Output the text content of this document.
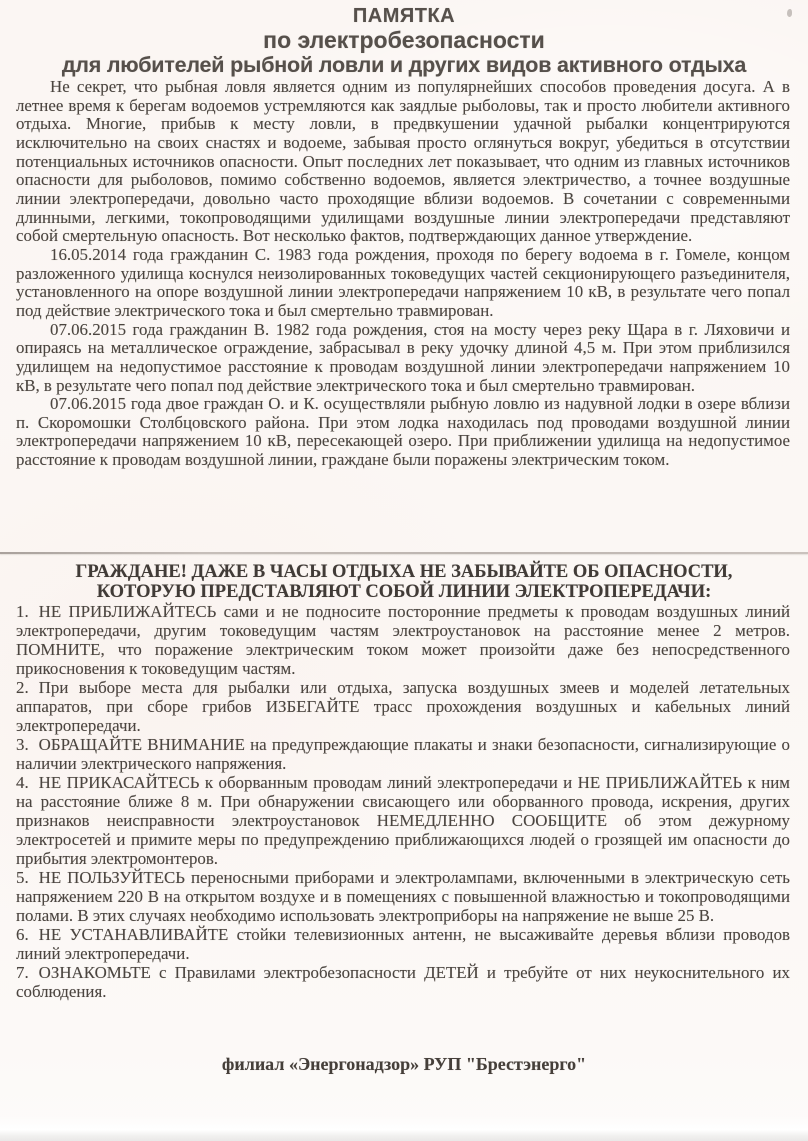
ПАМЯТКА
по электробезопасности
для любителей рыбной ловли и других видов активного отдыха

Не секрет, что рыбная ловля является одним из популярнейших способов проведения досуга. А в летнее время к берегам водоемов устремляются как заядлые рыболовы, так и просто любители активного отдыха. Многие, прибыв к месту ловли, в предвкушении удачной рыбалки концентрируются исключительно на своих снастях и водоеме, забывая просто оглянуться вокруг, убедиться в отсутствии потенциальных источников опасности. Опыт последних лет показывает, что одним из главных источников опасности для рыболовов, помимо собственно водоемов, является электричество, а точнее воздушные линии электропередачи, довольно часто проходящие вблизи водоемов. В сочетании с современными длинными, легкими, токопроводящими удилищами воздушные линии электропередачи представляют собой смертельную опасность. Вот несколько фактов, подтверждающих данное утверждение.

16.05.2014 года гражданин С. 1983 года рождения, проходя по берегу водоема в г. Гомеле, концом разложенного удилища коснулся неизолированных токоведущих частей секционирующего разъединителя, установленного на опоре воздушной линии электропередачи напряжением 10 кВ, в результате чего попал под действие электрического тока и был смертельно травмирован.

07.06.2015 года гражданин В. 1982 года рождения, стоя на мосту через реку Щара в г. Ляховичи и опираясь на металлическое ограждение, забрасывал в реку удочку длиной 4,5 м. При этом приблизился удилищем на недопустимое расстояние к проводам воздушной линии электропередачи напряжением 10 кВ, в результате чего попал под действие электрического тока и был смертельно травмирован.

07.06.2015 года двое граждан О. и К. осуществляли рыбную ловлю из надувной лодки в озере вблизи п. Скоромошки Столбцовского района. При этом лодка находилась под проводами воздушной линии электропередачи напряжением 10 кВ, пересекающей озеро. При приближении удилища на недопустимое расстояние к проводам воздушной линии, граждане были поражены электрическим током.

ГРАЖДАНЕ! ДАЖЕ В ЧАСЫ ОТДЫХА НЕ ЗАБЫВАЙТЕ ОБ ОПАСНОСТИ,
КОТОРУЮ ПРЕДСТАВЛЯЮТ СОБОЙ ЛИНИИ ЭЛЕКТРОПЕРЕДАЧИ:

1. НЕ ПРИБЛИЖАЙТЕСЬ сами и не подносите посторонние предметы к проводам воздушных линий электропередачи, другим токоведущим частям электроустановок на расстояние менее 2 метров. ПОМНИТЕ, что поражение электрическим током может произойти даже без непосредственного прикосновения к токоведущим частям.

2. При выборе места для рыбалки или отдыха, запуска воздушных змеев и моделей летательных аппаратов, при сборе грибов ИЗБЕГАЙТЕ трасс прохождения воздушных и кабельных линий электропередачи.

3. ОБРАЩАЙТЕ ВНИМАНИЕ на предупреждающие плакаты и знаки безопасности, сигнализирующие о наличии электрического напряжения.

4. НЕ ПРИКАСАЙТЕСЬ к оборванным проводам линий электропередачи и НЕ ПРИБЛИЖАЙТЕЬ к ним на расстояние ближе 8 м. При обнаружении свисающего или оборванного провода, искрения, других признаков неисправности электроустановок НЕМЕДЛЕННО СООБЩИТЕ об этом дежурному электросетей и примите меры по предупреждению приближающихся людей о грозящей им опасности до прибытия электромонтеров.

5. НЕ ПОЛЬЗУЙТЕСЬ переносными приборами и электролампами, включенными в электрическую сеть напряжением 220 В на открытом воздухе и в помещениях с повышенной влажностью и токопроводящими полами. В этих случаях необходимо использовать электроприборы на напряжение не выше 25 В.

6. НЕ УСТАНАВЛИВАЙТЕ стойки телевизионных антенн, не высаживайте деревья вблизи проводов линий электропередачи.

7. ОЗНАКОМЬТЕ с Правилами электробезопасности ДЕТЕЙ и требуйте от них неукоснительного их соблюдения.

филиал «Энергонадзор» РУП "Брестэнерго"
